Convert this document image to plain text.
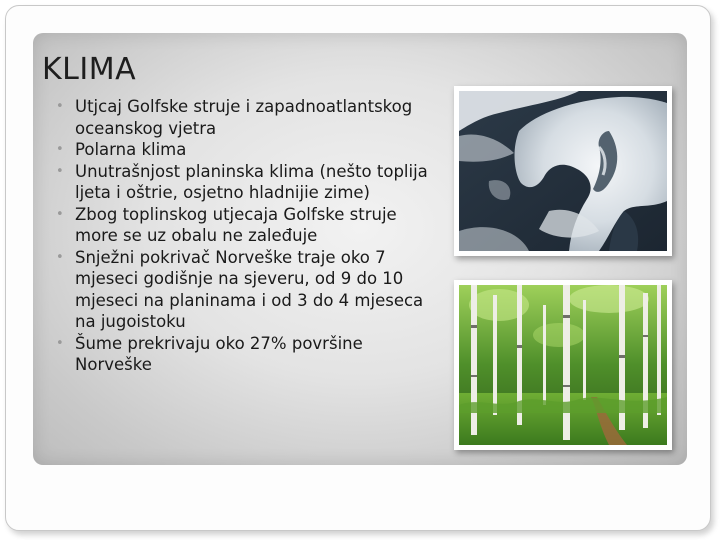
KLIMA
• Utjcaj Golfske struje i zapadnoatlantskog oceanskog vjetra
• Polarna klima
• Unutrašnjost planinska klima (nešto toplija ljeta i oštrie, osjetno hladnijie zime)
• Zbog toplinskog utjecaja Golfske struje more se uz obalu ne zaleđuje
• Snježni pokrivač Norveške traje oko 7 mjeseci godišnje na sjeveru, od 9 do 10 mjeseci na planinama i od 3 do 4 mjeseca na jugoistoku
• Šume prekrivaju oko 27% površine Norveške
